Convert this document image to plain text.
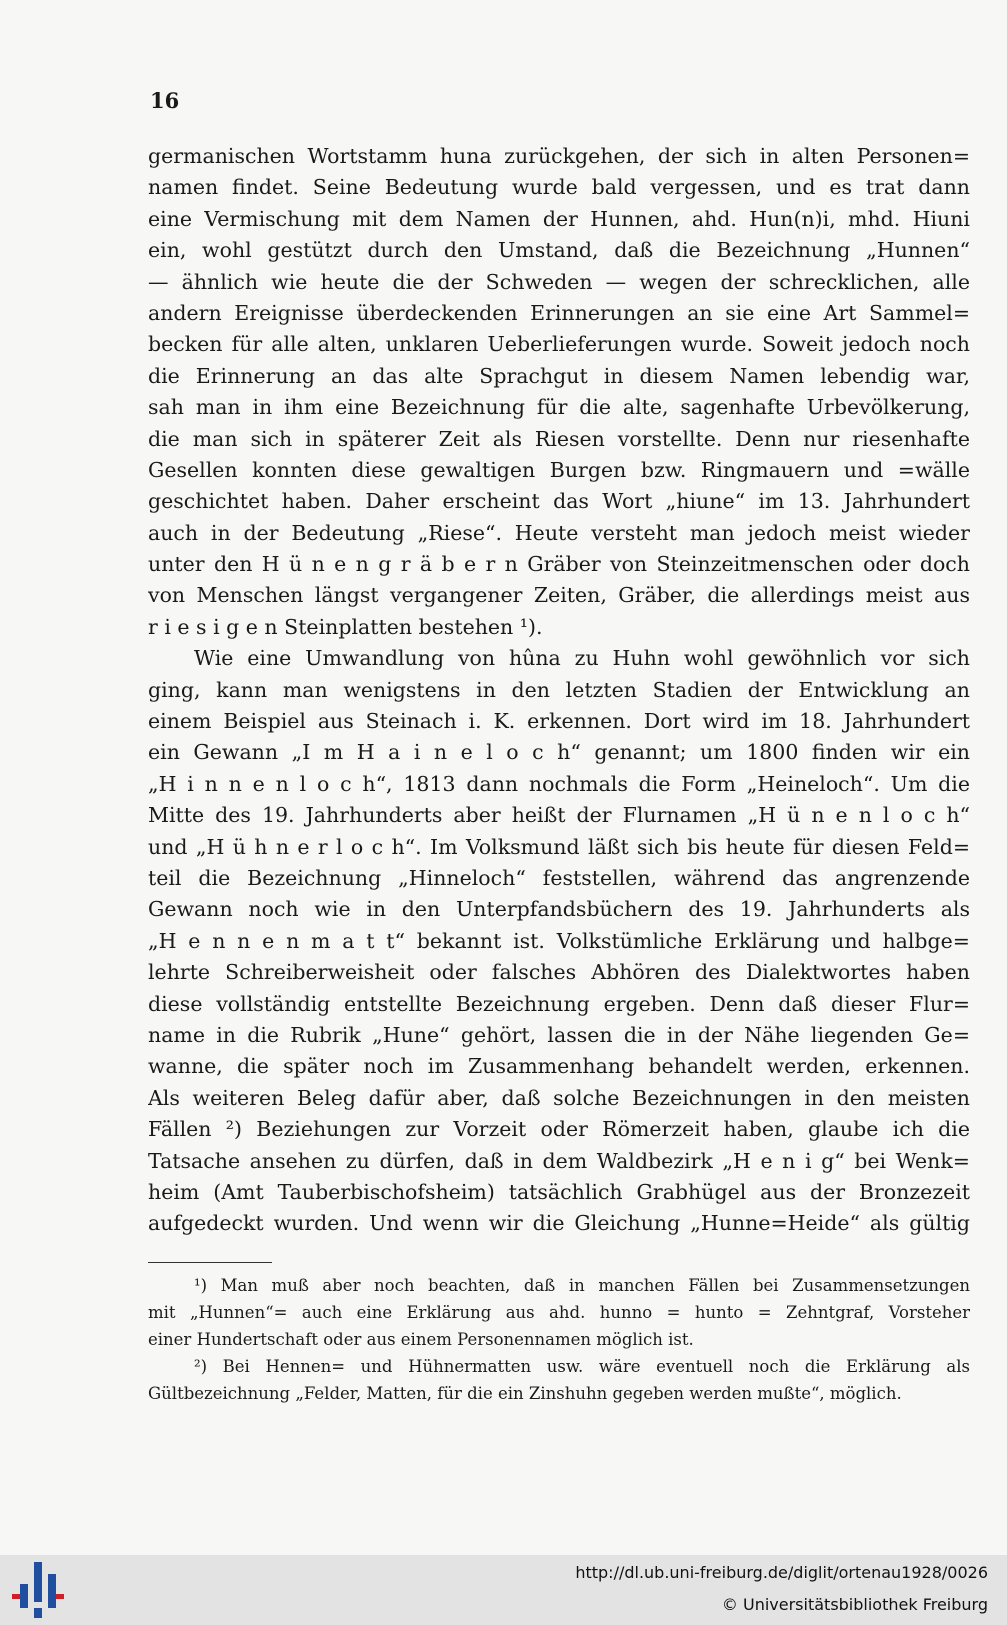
16
germanischen Wortstamm huna zurückgehen, der sich in alten Personen=
namen findet. Seine Bedeutung wurde bald vergessen, und es trat dann
eine Vermischung mit dem Namen der Hunnen, ahd. Hun(n)i, mhd. Hiuni
ein, wohl gestützt durch den Umstand, daß die Bezeichnung „Hunnen“
— ähnlich wie heute die der Schweden — wegen der schrecklichen, alle
andern Ereignisse überdeckenden Erinnerungen an sie eine Art Sammel=
becken für alle alten, unklaren Ueberlieferungen wurde. Soweit jedoch noch
die Erinnerung an das alte Sprachgut in diesem Namen lebendig war,
sah man in ihm eine Bezeichnung für die alte, sagenhafte Urbevölkerung,
die man sich in späterer Zeit als Riesen vorstellte. Denn nur riesenhafte
Gesellen konnten diese gewaltigen Burgen bzw. Ringmauern und =wälle
geschichtet haben. Daher erscheint das Wort „hiune“ im 13. Jahrhundert
auch in der Bedeutung „Riese“. Heute versteht man jedoch meist wieder
unter den H ü n e n g r ä b e r n Gräber von Steinzeitmenschen oder doch
von Menschen längst vergangener Zeiten, Gräber, die allerdings meist aus
r i e s i g e n Steinplatten bestehen ¹).
Wie eine Umwandlung von hûna zu Huhn wohl gewöhnlich vor sich
ging, kann man wenigstens in den letzten Stadien der Entwicklung an
einem Beispiel aus Steinach i. K. erkennen. Dort wird im 18. Jahrhundert
ein Gewann „I m H a i n e l o c h“ genannt; um 1800 finden wir ein
„H i n n e n l o c h“, 1813 dann nochmals die Form „Heineloch“. Um die
Mitte des 19. Jahrhunderts aber heißt der Flurnamen „H ü n e n l o c h“
und „H ü h n e r l o c h“. Im Volksmund läßt sich bis heute für diesen Feld=
teil die Bezeichnung „Hinneloch“ feststellen, während das angrenzende
Gewann noch wie in den Unterpfandsbüchern des 19. Jahrhunderts als
„H e n n e n m a t t“ bekannt ist. Volkstümliche Erklärung und halbge=
lehrte Schreiberweisheit oder falsches Abhören des Dialektwortes haben
diese vollständig entstellte Bezeichnung ergeben. Denn daß dieser Flur=
name in die Rubrik „Hune“ gehört, lassen die in der Nähe liegenden Ge=
wanne, die später noch im Zusammenhang behandelt werden, erkennen.
Als weiteren Beleg dafür aber, daß solche Bezeichnungen in den meisten
Fällen ²) Beziehungen zur Vorzeit oder Römerzeit haben, glaube ich die
Tatsache ansehen zu dürfen, daß in dem Waldbezirk „H e n i g“ bei Wenk=
heim (Amt Tauberbischofsheim) tatsächlich Grabhügel aus der Bronzezeit
aufgedeckt wurden. Und wenn wir die Gleichung „Hunne=Heide“ als gültig
¹) Man muß aber noch beachten, daß in manchen Fällen bei Zusammensetzungen
mit „Hunnen“= auch eine Erklärung aus ahd. hunno = hunto = Zehntgraf, Vorsteher
einer Hundertschaft oder aus einem Personennamen möglich ist.
²) Bei Hennen= und Hühnermatten usw. wäre eventuell noch die Erklärung als
Gültbezeichnung „Felder, Matten, für die ein Zinshuhn gegeben werden mußte“, möglich.
http://dl.ub.uni-freiburg.de/diglit/ortenau1928/0026
© Universitätsbibliothek Freiburg
